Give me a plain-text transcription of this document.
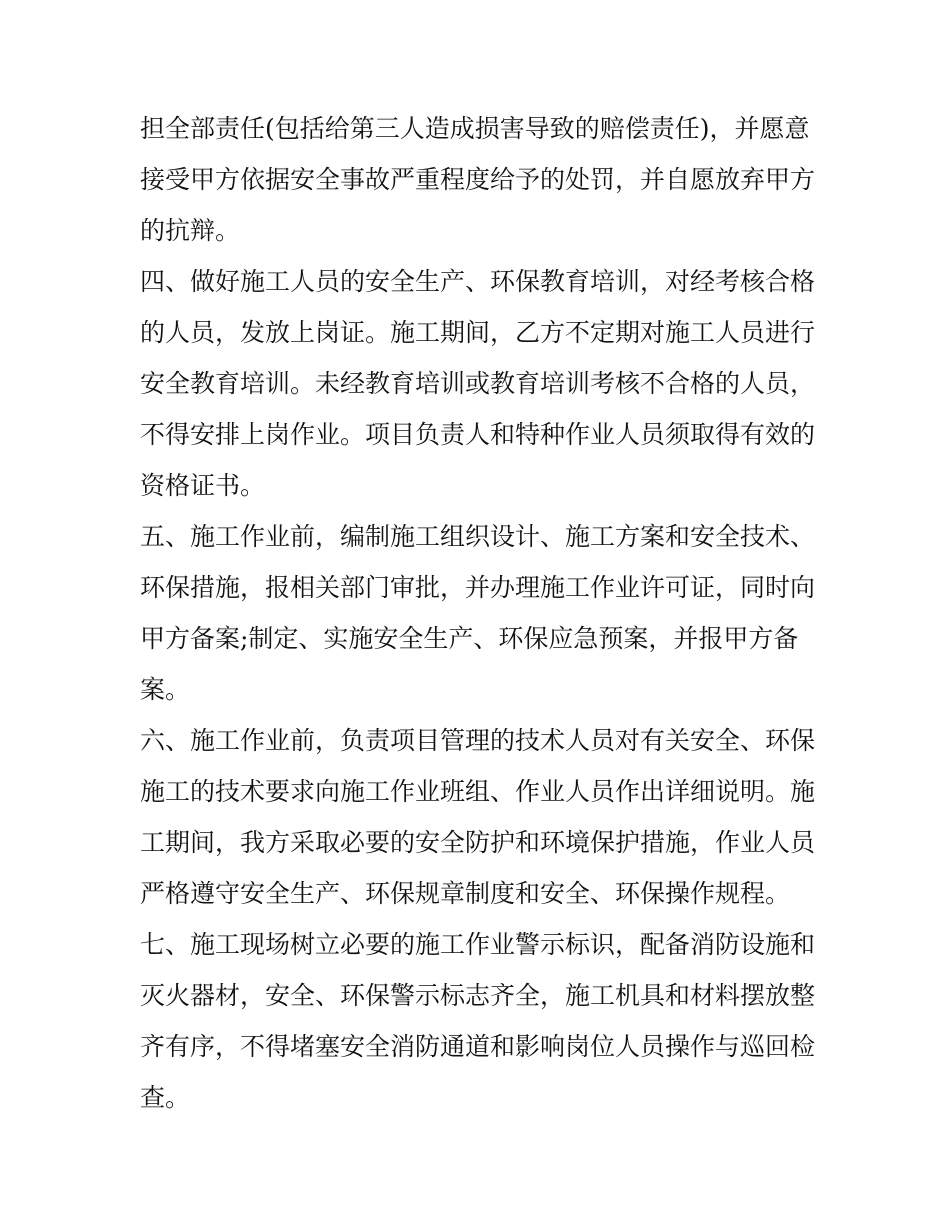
担全部责任(包括给第三人造成损害导致的赔偿责任)，并愿意
接受甲方依据安全事故严重程度给予的处罚，并自愿放弃甲方
的抗辩。
四、做好施工人员的安全生产、环保教育培训，对经考核合格
的人员，发放上岗证。施工期间，乙方不定期对施工人员进行
安全教育培训。未经教育培训或教育培训考核不合格的人员，
不得安排上岗作业。项目负责人和特种作业人员须取得有效的
资格证书。
五、施工作业前，编制施工组织设计、施工方案和安全技术、
环保措施，报相关部门审批，并办理施工作业许可证，同时向
甲方备案;制定、实施安全生产、环保应急预案，并报甲方备
案。
六、施工作业前，负责项目管理的技术人员对有关安全、环保
施工的技术要求向施工作业班组、作业人员作出详细说明。施
工期间，我方采取必要的安全防护和环境保护措施，作业人员
严格遵守安全生产、环保规章制度和安全、环保操作规程。
七、施工现场树立必要的施工作业警示标识，配备消防设施和
灭火器材，安全、环保警示标志齐全，施工机具和材料摆放整
齐有序，不得堵塞安全消防通道和影响岗位人员操作与巡回检
查。
